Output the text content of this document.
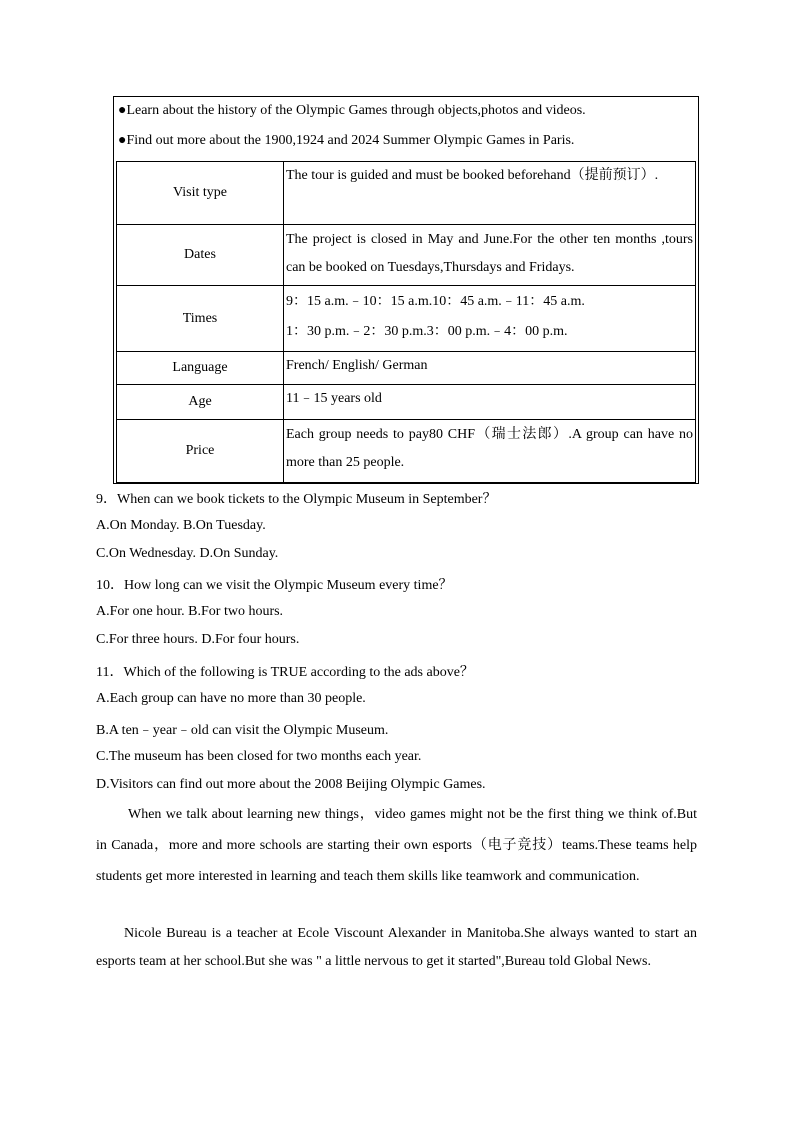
●Learn about the history of the Olympic Games through objects,photos and videos.
●Find out more about the 1900,1924 and 2024 Summer Olympic Games in Paris.
Visit type	The tour is guided and must be booked beforehand（提前预订）.
Dates	The project is closed in May and June.For the other ten months ,tours can be booked on Tuesdays,Thursdays and Fridays.
Times	9：15 a.m.﹣10：15 a.m.10：45 a.m.﹣11：45 a.m.
1：30 p.m.﹣2：30 p.m.3：00 p.m.﹣4：00 p.m.

Language	French/ English/ German
Age	11﹣15 years old
Price	Each group needs to pay80 CHF（瑞士法郎）.A group can have no more than 25 people.
9．When can we book tickets to the Olympic Museum in September？
A.On Monday. B.On Tuesday.
C.On Wednesday. D.On Sunday.
10．How long can we visit the Olympic Museum every time？
A.For one hour. B.For two hours.
C.For three hours. D.For four hours.
11．Which of the following is TRUE according to the ads above？
A.Each group can have no more than 30 people.
B.A ten﹣year﹣old can visit the Olympic Museum.
C.The museum has been closed for two months each year.
D.Visitors can find out more about the 2008 Beijing Olympic Games.

When we talk about learning new things，video games might not be the first thing we think of.But in Canada，more and more schools are starting their own esports（电子竞技）teams.These teams help students get more interested in learning and teach them skills like teamwork and communication.

Nicole Bureau is a teacher at Ecole Viscount Alexander in Manitoba.She always wanted to start an esports team at her school.But she was " a little nervous to get it started",Bureau told Global News.
